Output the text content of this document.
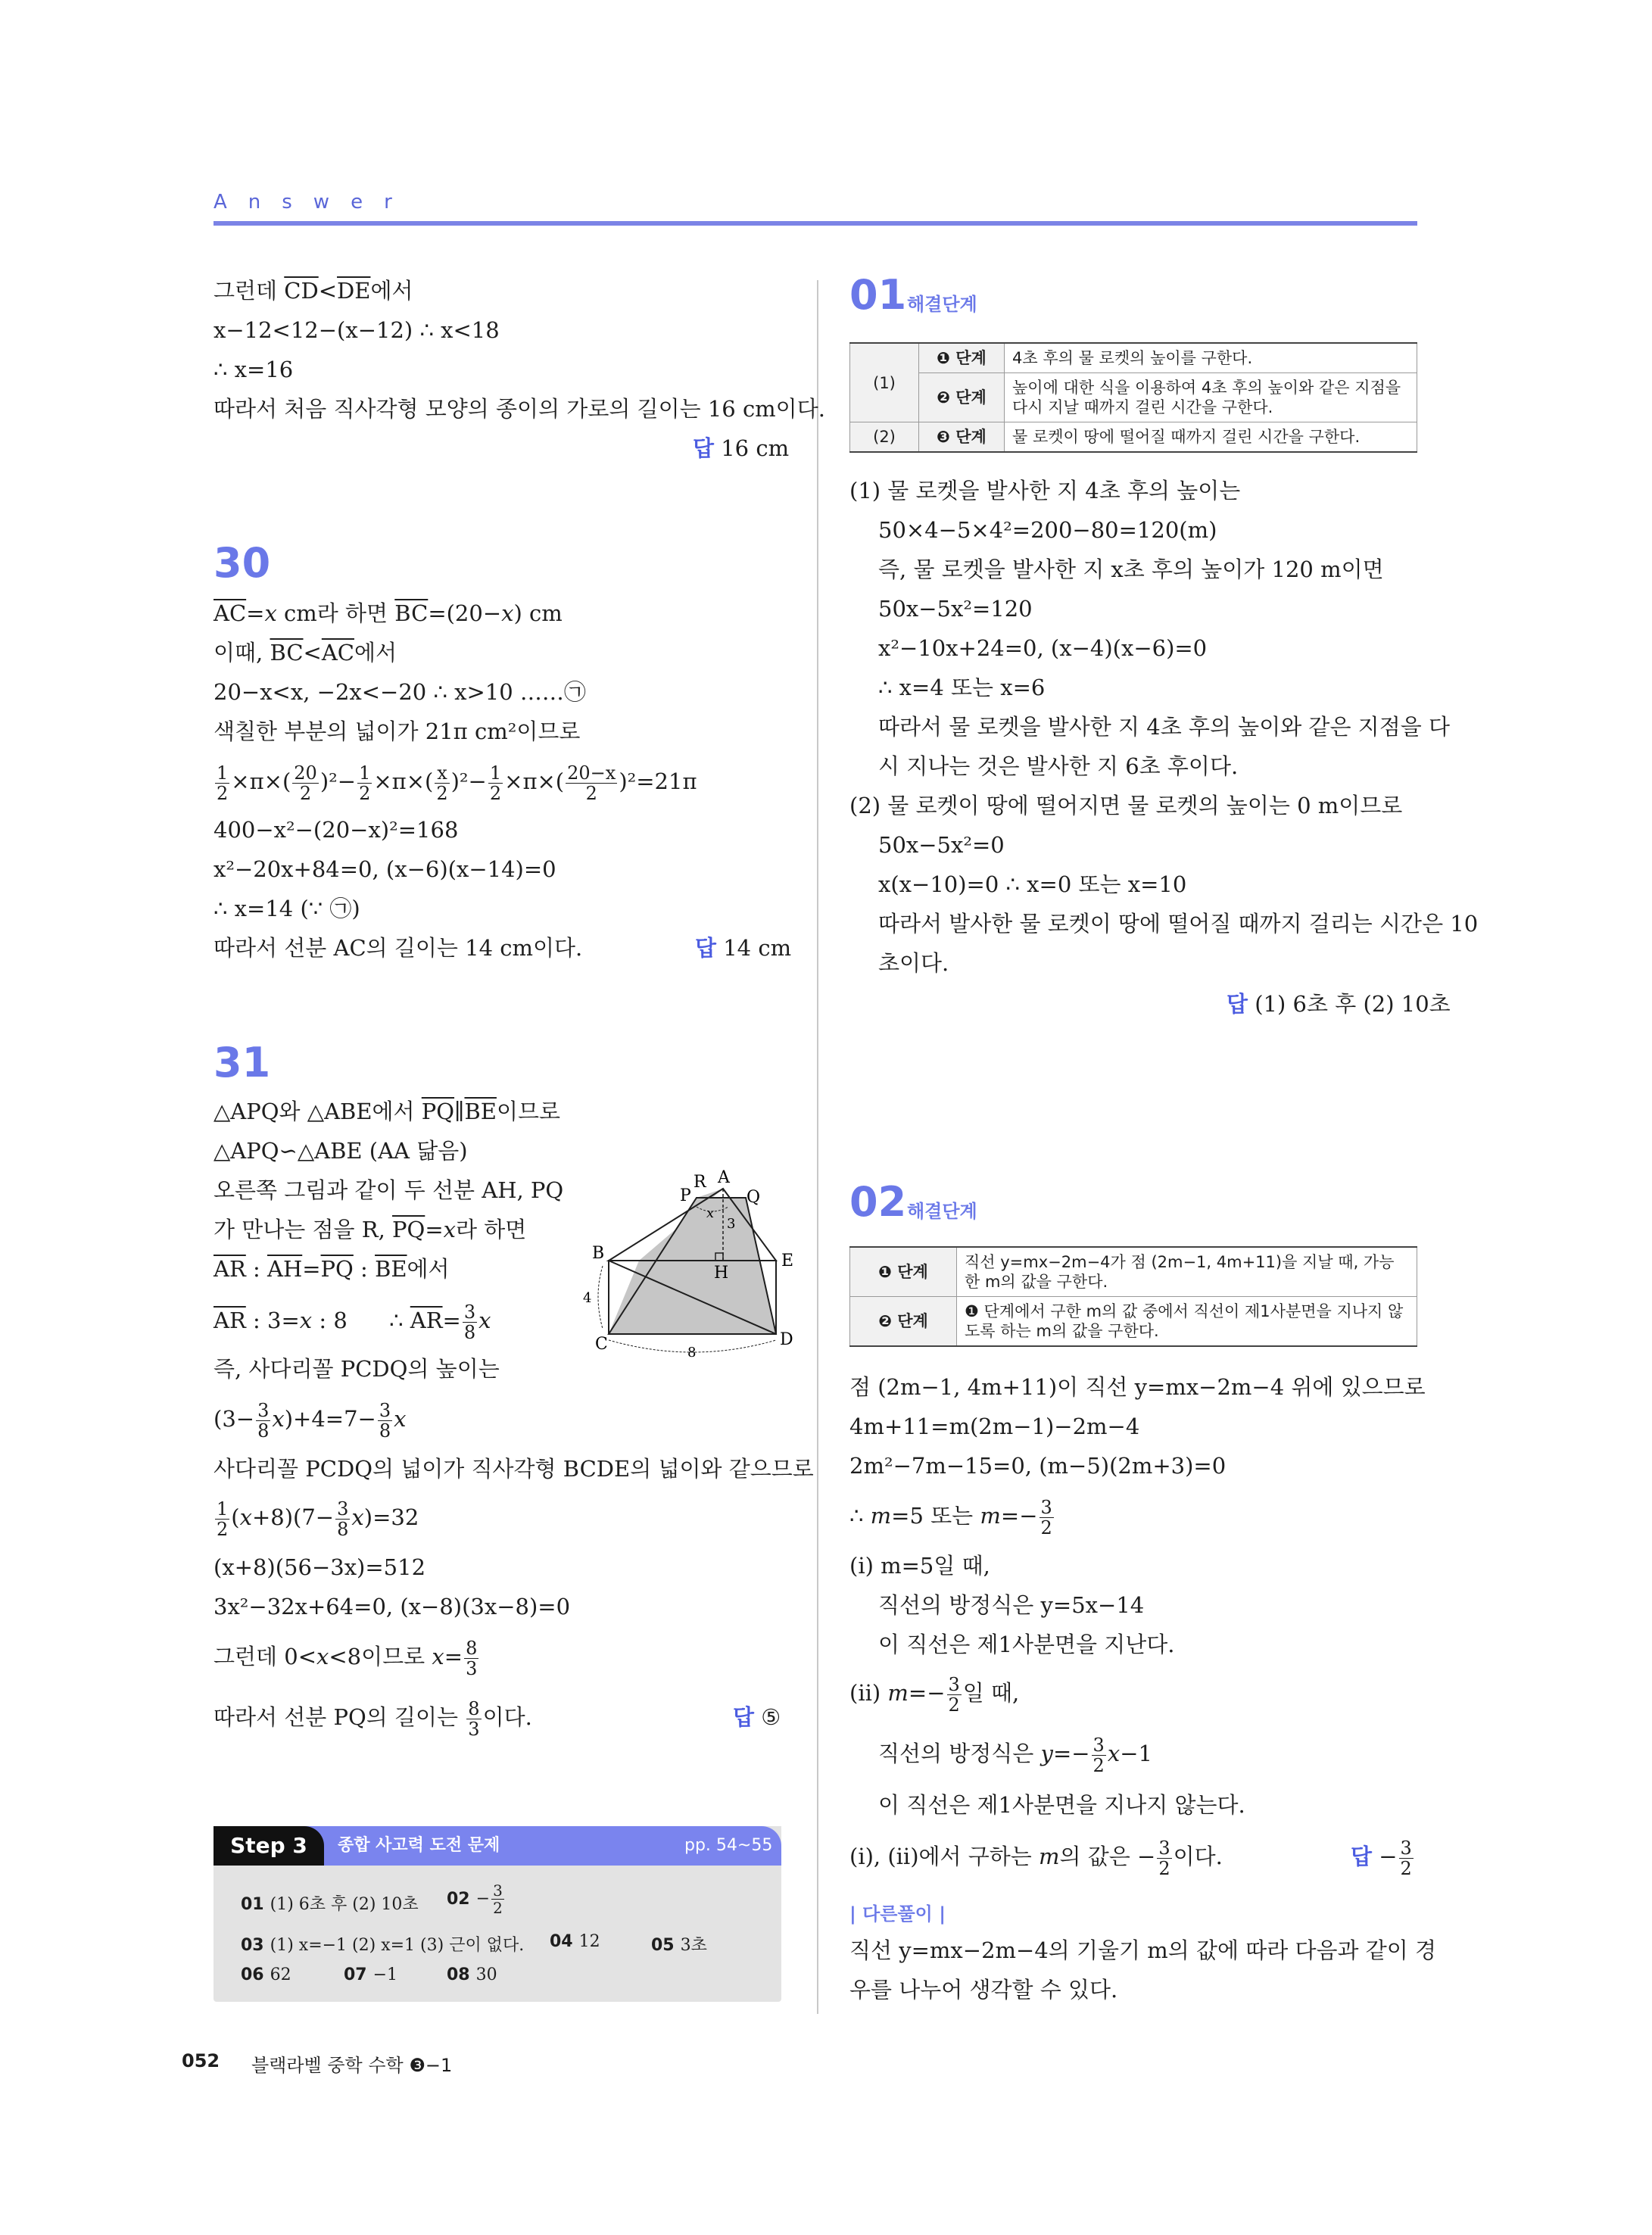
Answer
그런데 $\overline{CD}<\overline{DE}$에서
x−12<12−(x−12) ∴ x<18
∴ x=16
따라서 처음 직사각형 모양의 종이의 가로의 길이는 16 cm이다.
답 16 cm
30
$\overline{AC}=x$ cm라 하면 $\overline{BC}=(20-x)$ cm
이때, $\overline{BC}<\overline{AC}$에서
20−x<x, −2x<−20 ∴ x>10 ……㉠
색칠한 부분의 넓이가 21π cm²이므로
$\frac{1}{2} \times\pi\times( \frac{20}{2} )^2- \frac{1}{2} \times\pi\times( \frac{x}{2} )^2- \frac{1}{2} \times\pi\times( \frac{20-x}{2} )^2=21\pi$
400−x²−(20−x)²=168
x²−20x+84=0, (x−6)(x−14)=0
∴ x=14 (∵ ㉠)
따라서 선분 AC의 길이는 14 cm이다.	답 14 cm
31
△APQ와 △ABE에서 $\overline{PQ}\parallel\overline{BE}$이므로
△APQ∽△ABE (AA 닮음)
오른쪽 그림과 같이 두 선분 AH, PQ
가 만나는 점을 R, $\overline{PQ}=x$라 하면
$\overline{AR}$ : $\overline{AH}=\overline{PQ}$ : $\overline{BE}$에서
$\overline{AR}$ : 3=x : 8      ∴ $\overline{AR}= \frac{3}{8}$ x
즉, 사다리꼴 PCDQ의 높이는
$(3- \frac{3}{8} x)+4=7- \frac{3}{8}$ x
사다리꼴 PCDQ의 넓이가 직사각형 BCDE의 넓이와 같으므로
$\frac{1}{2} (x+8)(7- \frac{3}{8} x)=32$
(x+8)(56−3x)=512
3x²−32x+64=0, (x−8)(3x−8)=0
그런데 0<x<8이므로 $x= \frac{8}{3}$
따라서 선분 PQ의 길이는 $\frac{8}{3}$ 이다.	답 ⑤
R A
P	Q
x
3
B
H
E
4
C	8
D
Step 3	종합 사고력 도전 문제	pp. 54~55
01 (1) 6초 후 (2) 10초 $02 - \frac{3}{2}$
03 (1) x=−1 (2) x=1 (3) 근이 없다. 04 12	05 3초
06 62	07 −1	08 30
01 해결단계
(1)	❶ 단계	4초 후의 물 로켓의 높이를 구한다.
	❷ 단계	높이에 대한 식을 이용하여 4초 후의 높이와 같은 지점을 다시 지날 때까지 걸린 시간을 구한다.
(2)	❸ 단계	물 로켓이 땅에 떨어질 때까지 걸린 시간을 구한다.
(1) 물 로켓을 발사한 지 4초 후의 높이는
50×4−5×4²=200−80=120(m)
즉, 물 로켓을 발사한 지 x초 후의 높이가 120 m이면
50x−5x²=120
x²−10x+24=0, (x−4)(x−6)=0
∴ x=4 또는 x=6
따라서 물 로켓을 발사한 지 4초 후의 높이와 같은 지점을 다
시 지나는 것은 발사한 지 6초 후이다.
(2) 물 로켓이 땅에 떨어지면 물 로켓의 높이는 0 m이므로
50x−5x²=0
x(x−10)=0 ∴ x=0 또는 x=10
따라서 발사한 물 로켓이 땅에 떨어질 때까지 걸리는 시간은 10
초이다.
답 (1) 6초 후 (2) 10초
02 해결단계
❶ 단계	직선 y=mx−2m−4가 점 (2m−1, 4m+11)을 지날 때, 가능한 m의 값을 구한다.
❷ 단계	❶ 단계에서 구한 m의 값 중에서 직선이 제1사분면을 지나지 않도록 하는 m의 값을 구한다.
점 (2m−1, 4m+11)이 직선 y=mx−2m−4 위에 있으므로
4m+11=m(2m−1)−2m−4
2m²−7m−15=0, (m−5)(2m+3)=0
∴ m=5 또는 $m=- \frac{3}{2}$
(i) m=5일 때,
직선의 방정식은 y=5x−14
이 직선은 제1사분면을 지난다.
(ii) $m=- \frac{3}{2}$ 일 때,
직선의 방정식은 $y=- \frac{3}{2} x-1$
이 직선은 제1사분면을 지나지 않는다.
(i), (ii)에서 구하는 m의 값은 − $\frac{3}{2}$ 이다.	답 − $\frac{3}{2}$
| 다른풀이 |
직선 y=mx−2m−4의 기울기 m의 값에 따라 다음과 같이 경
우를 나누어 생각할 수 있다.
052 블랙라벨 중학 수학 ❸−1
